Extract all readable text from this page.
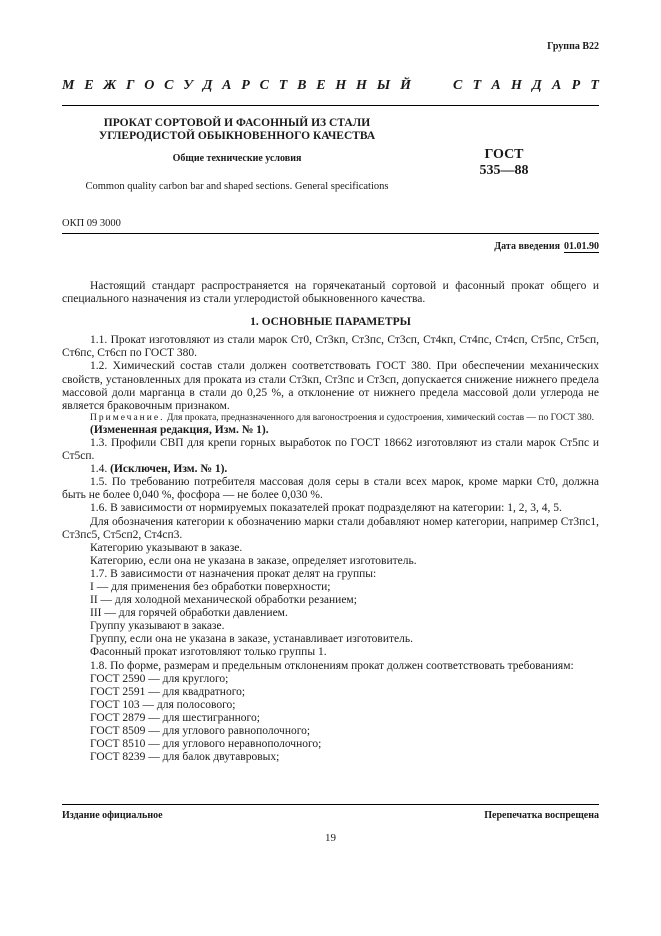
Группа В22
М Е Ж Г О С У Д А Р С Т В Е Н Н Ы Й	С Т А Н Д А Р Т
ПРОКАТ СОРТОВОЙ И ФАСОННЫЙ ИЗ СТАЛИ УГЛЕРОДИСТОЙ ОБЫКНОВЕННОГО КАЧЕСТВА
Общие технические условия	ГОСТ
535—88
Common quality carbon bar and shaped sections. General specifications
ОКП 09 3000
Дата введения 01.01.90

Настоящий стандарт распространяется на горячекатаный сортовой и фасонный прокат общего и специального назначения из стали углеродистой обыкновенного качества.

1. ОСНОВНЫЕ ПАРАМЕТРЫ

1.1. Прокат изготовляют из стали марок Ст0, Ст3кп, Ст3пс, Ст3сп, Ст4кп, Ст4пс, Ст4сп, Ст5пс, Ст5сп, Ст6пс, Ст6сп по ГОСТ 380.

1.2. Химический состав стали должен соответствовать ГОСТ 380. При обеспечении механических свойств, установленных для проката из стали Ст3кп, Ст3пс и Ст3сп, допускается снижение нижнего предела массовой доли марганца в стали до 0,25 %, а отклонение от нижнего предела массовой доли углерода не является браковочным признаком.

Примечание. Для проката, предназначенного для вагоностроения и судостроения, химический состав — по ГОСТ 380.

(Измененная редакция, Изм. № 1).

1.3. Профили СВП для крепи горных выработок по ГОСТ 18662 изготовляют из стали марок Ст5пс и Ст5сп.

1.4. (Исключен, Изм. № 1).

1.5. По требованию потребителя массовая доля серы в стали всех марок, кроме марки Ст0, должна быть не более 0,040 %, фосфора — не более 0,030 %.

1.6. В зависимости от нормируемых показателей прокат подразделяют на категории: 1, 2, 3, 4, 5.

Для обозначения категории к обозначению марки стали добавляют номер категории, например Ст3пс1, Ст3пс5, Ст5сп2, Ст4сп3.

Категорию указывают в заказе.

Категорию, если она не указана в заказе, определяет изготовитель.

1.7. В зависимости от назначения прокат делят на группы:

I — для применения без обработки поверхности;

II — для холодной механической обработки резанием;

III — для горячей обработки давлением.

Группу указывают в заказе.

Группу, если она не указана в заказе, устанавливает изготовитель.

Фасонный прокат изготовляют только группы 1.

1.8. По форме, размерам и предельным отклонениям прокат должен соответствовать требованиям:

ГОСТ 2590 — для круглого;

ГОСТ 2591 — для квадратного;

ГОСТ 103 — для полосового;

ГОСТ 2879 — для шестигранного;

ГОСТ 8509 — для углового равнополочного;

ГОСТ 8510 — для углового неравнополочного;

ГОСТ 8239 — для балок двутавровых;

Издание официальное	Перепечатка воспрещена
19
